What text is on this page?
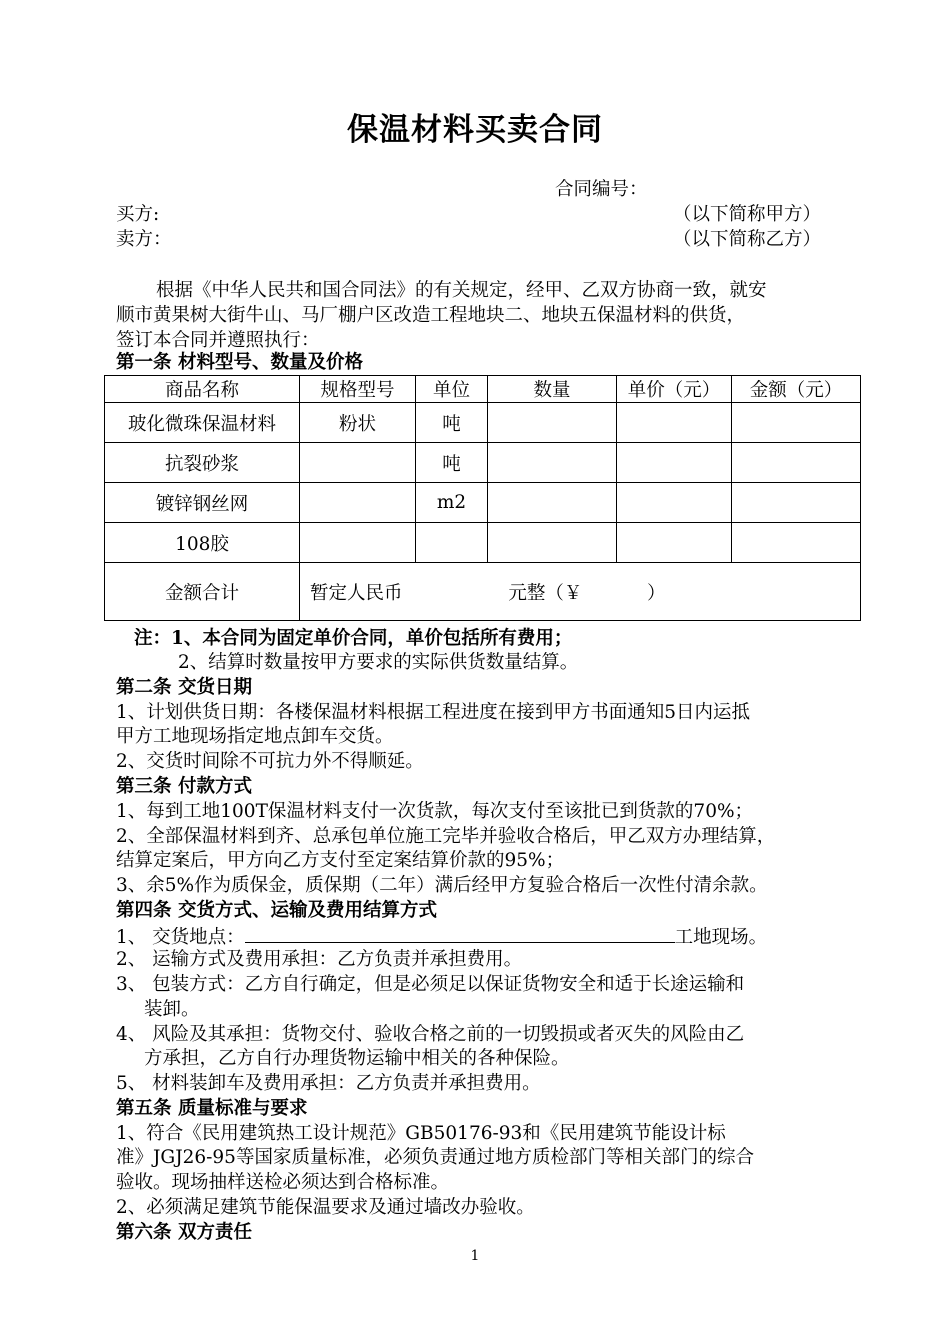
保温材料买卖合同
合同编号：
买方:	（以下简称甲方）
卖方：	（以下简称乙方）
根据《中华人民共和国合同法》的有关规定，经甲、乙双方协商一致，就安
顺市黄果树大街牛山、马厂棚户区改造工程地块二、地块五保温材料的供货，
签订本合同并遵照执行：
第一条 材料型号、数量及价格
商品名称	规格型号	单位	数量	单价（元）	金额（元）
玻化微珠保温材料	粉状	吨			
抗裂砂浆		吨			
镀锌钢丝网		m2			
108胶					
金额合计	暂定人民币                  元整（￥           ）				
注：1、本合同为固定单价合同，单价包括所有费用；
2、结算时数量按甲方要求的实际供货数量结算。
第二条 交货日期
1、计划供货日期：各楼保温材料根据工程进度在接到甲方书面通知5日内运抵
甲方工地现场指定地点卸车交货。
2、交货时间除不可抗力外不得顺延。
第三条 付款方式
1、每到工地100T保温材料支付一次货款，每次支付至该批已到货款的70%；
2、全部保温材料到齐、总承包单位施工完毕并验收合格后，甲乙双方办理结算，
结算定案后，甲方向乙方支付至定案结算价款的95%；
3、余5%作为质保金，质保期（二年）满后经甲方复验合格后一次性付清余款。
第四条 交货方式、运输及费用结算方式
1、 交货地点：	工地现场。
2、 运输方式及费用承担：乙方负责并承担费用。
3、 包装方式：乙方自行确定，但是必须足以保证货物安全和适于长途运输和
装卸。
4、 风险及其承担：货物交付、验收合格之前的一切毁损或者灭失的风险由乙
方承担，乙方自行办理货物运输中相关的各种保险。
5、 材料装卸车及费用承担：乙方负责并承担费用。
第五条 质量标准与要求
1、符合《民用建筑热工设计规范》GB50176-93和《民用建筑节能设计标
准》JGJ26-95等国家质量标准，必须负责通过地方质检部门等相关部门的综合
验收。现场抽样送检必须达到合格标准。
2、必须满足建筑节能保温要求及通过墙改办验收。
第六条 双方责任
1
